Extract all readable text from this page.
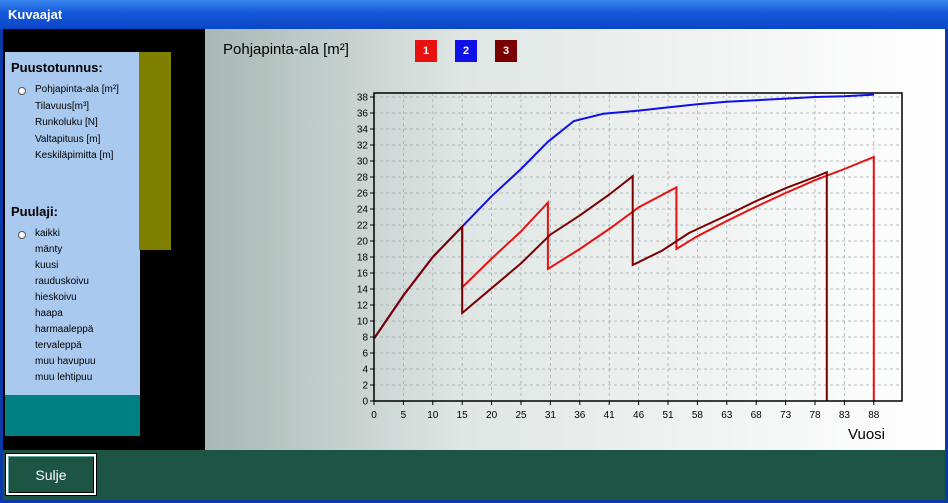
Kuvaajat
Puustotunnus:
Pohjapinta-ala [m²]
Tilavuus[m³]
Runkoluku [N]
Valtapituus [m]
Keskiläpimitta [m]
Puulaji:
kaikki
mänty
kuusi
rauduskoivu
hieskoivu
haapa
harmaaleppä
tervaleppä
muu havupuu
muu lehtipuu
Pohjapinta-ala [m²]	1	2	3
0 5 10 15 20 25 31 36 41 46 51 58 63 68 73 78 83 88
0
2
4
6
8
10
12
14
16
18
20
22
24
26
28
30
32
34
36
38
Vuosi
Sulje
